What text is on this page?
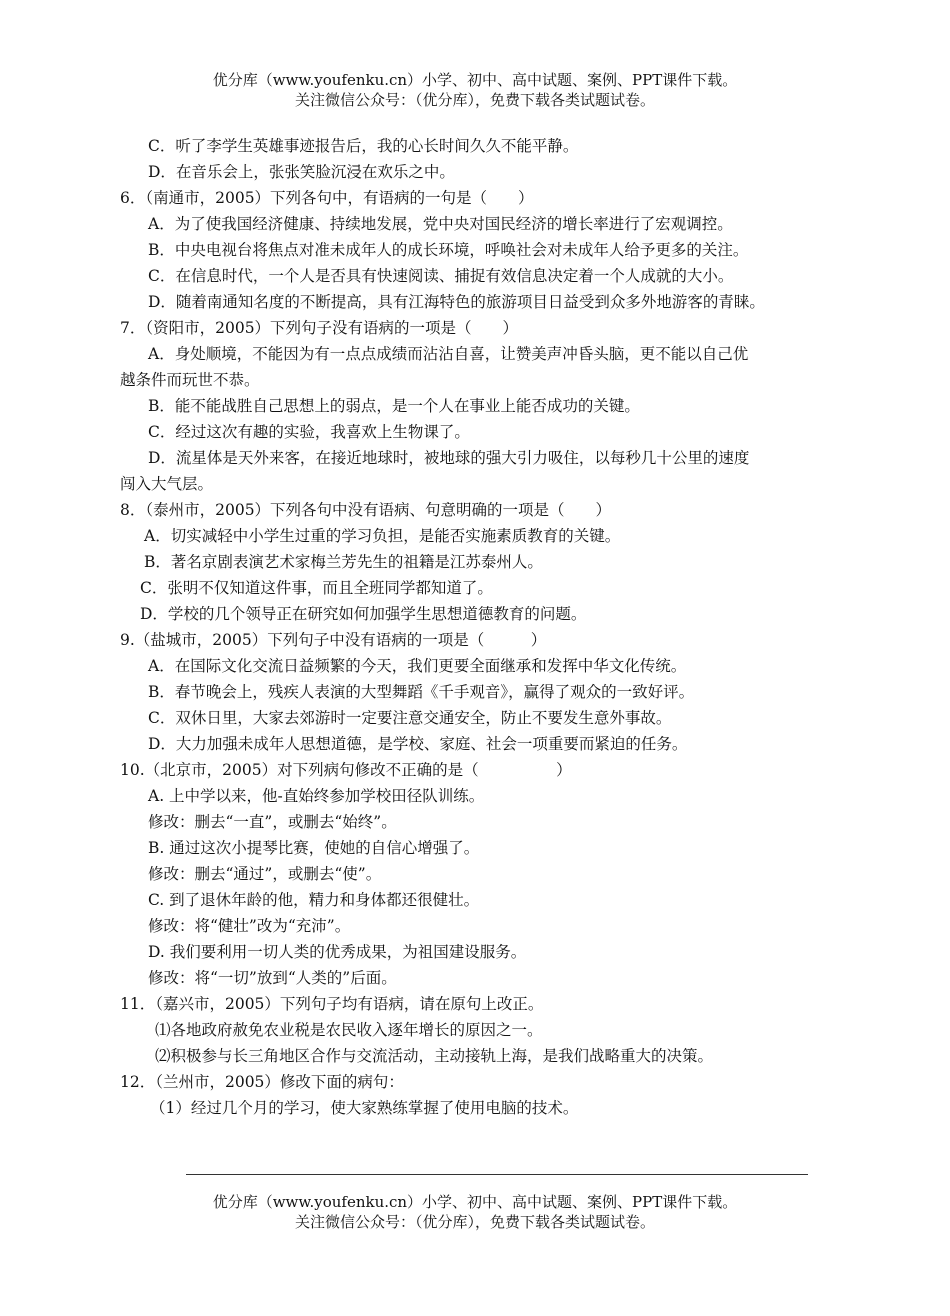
优分库（www.youfenku.cn）小学、初中、高中试题、案例、PPT课件下载。
关注微信公众号：（优分库），免费下载各类试题试卷。
C．听了李学生英雄事迹报告后，我的心长时间久久不能平静。
D．在音乐会上，张张笑脸沉浸在欢乐之中。
6．（南通市，2005）下列各句中，有语病的一句是（　　）
A．为了使我国经济健康、持续地发展，党中央对国民经济的增长率进行了宏观调控。
B．中央电视台将焦点对准未成年人的成长环境，呼唤社会对未成年人给予更多的关注。
C．在信息时代，一个人是否具有快速阅读、捕捉有效信息决定着一个人成就的大小。
D．随着南通知名度的不断提高，具有江海特色的旅游项目日益受到众多外地游客的青睐。
7．（资阳市，2005）下列句子没有语病的一项是（　　）
A．身处顺境，不能因为有一点点成绩而沾沾自喜，让赞美声冲昏头脑，更不能以自己优
越条件而玩世不恭。
B．能不能战胜自己思想上的弱点，是一个人在事业上能否成功的关键。
C．经过这次有趣的实验，我喜欢上生物课了。
D．流星体是天外来客，在接近地球时，被地球的强大引力吸住，以每秒几十公里的速度
闯入大气层。
8．（泰州市，2005）下列各句中没有语病、句意明确的一项是（　　）
A．切实减轻中小学生过重的学习负担，是能否实施素质教育的关键。
B．著名京剧表演艺术家梅兰芳先生的祖籍是江苏泰州人。
C．张明不仅知道这件事，而且全班同学都知道了。
D．学校的几个领导正在研究如何加强学生思想道德教育的问题。
9.（盐城市，2005）下列句子中没有语病的一项是（　　　）
A．在国际文化交流日益频繁的今天，我们更要全面继承和发挥中华文化传统。
B．春节晚会上，残疾人表演的大型舞蹈《千手观音》，赢得了观众的一致好评。
C．双休日里，大家去郊游时一定要注意交通安全，防止不要发生意外事故。
D．大力加强未成年人思想道德，是学校、家庭、社会一项重要而紧迫的任务。
10.（北京市，2005）对下列病句修改不正确的是（　　　　　）
A. 上中学以来，他-直始终参加学校田径队训练。
修改：删去“一直”，或删去“始终”。
B. 通过这次小提琴比赛，使她的自信心增强了。
修改：删去“通过”，或删去“使”。
C. 到了退休年龄的他，精力和身体都还很健壮。
修改：将“健壮”改为“充沛”。
D. 我们要利用一切人类的优秀成果，为祖国建设服务。
修改：将“一切”放到“人类的”后面。
11．（嘉兴市，2005）下列句子均有语病，请在原句上改正。
⑴各地政府赦免农业税是农民收入逐年增长的原因之一。
⑵积极参与长三角地区合作与交流活动，主动接轨上海，是我们战略重大的决策。
12．（兰州市，2005）修改下面的病句：
（1）经过几个月的学习，使大家熟练掌握了使用电脑的技术。
优分库（www.youfenku.cn）小学、初中、高中试题、案例、PPT课件下载。
关注微信公众号：（优分库），免费下载各类试题试卷。
